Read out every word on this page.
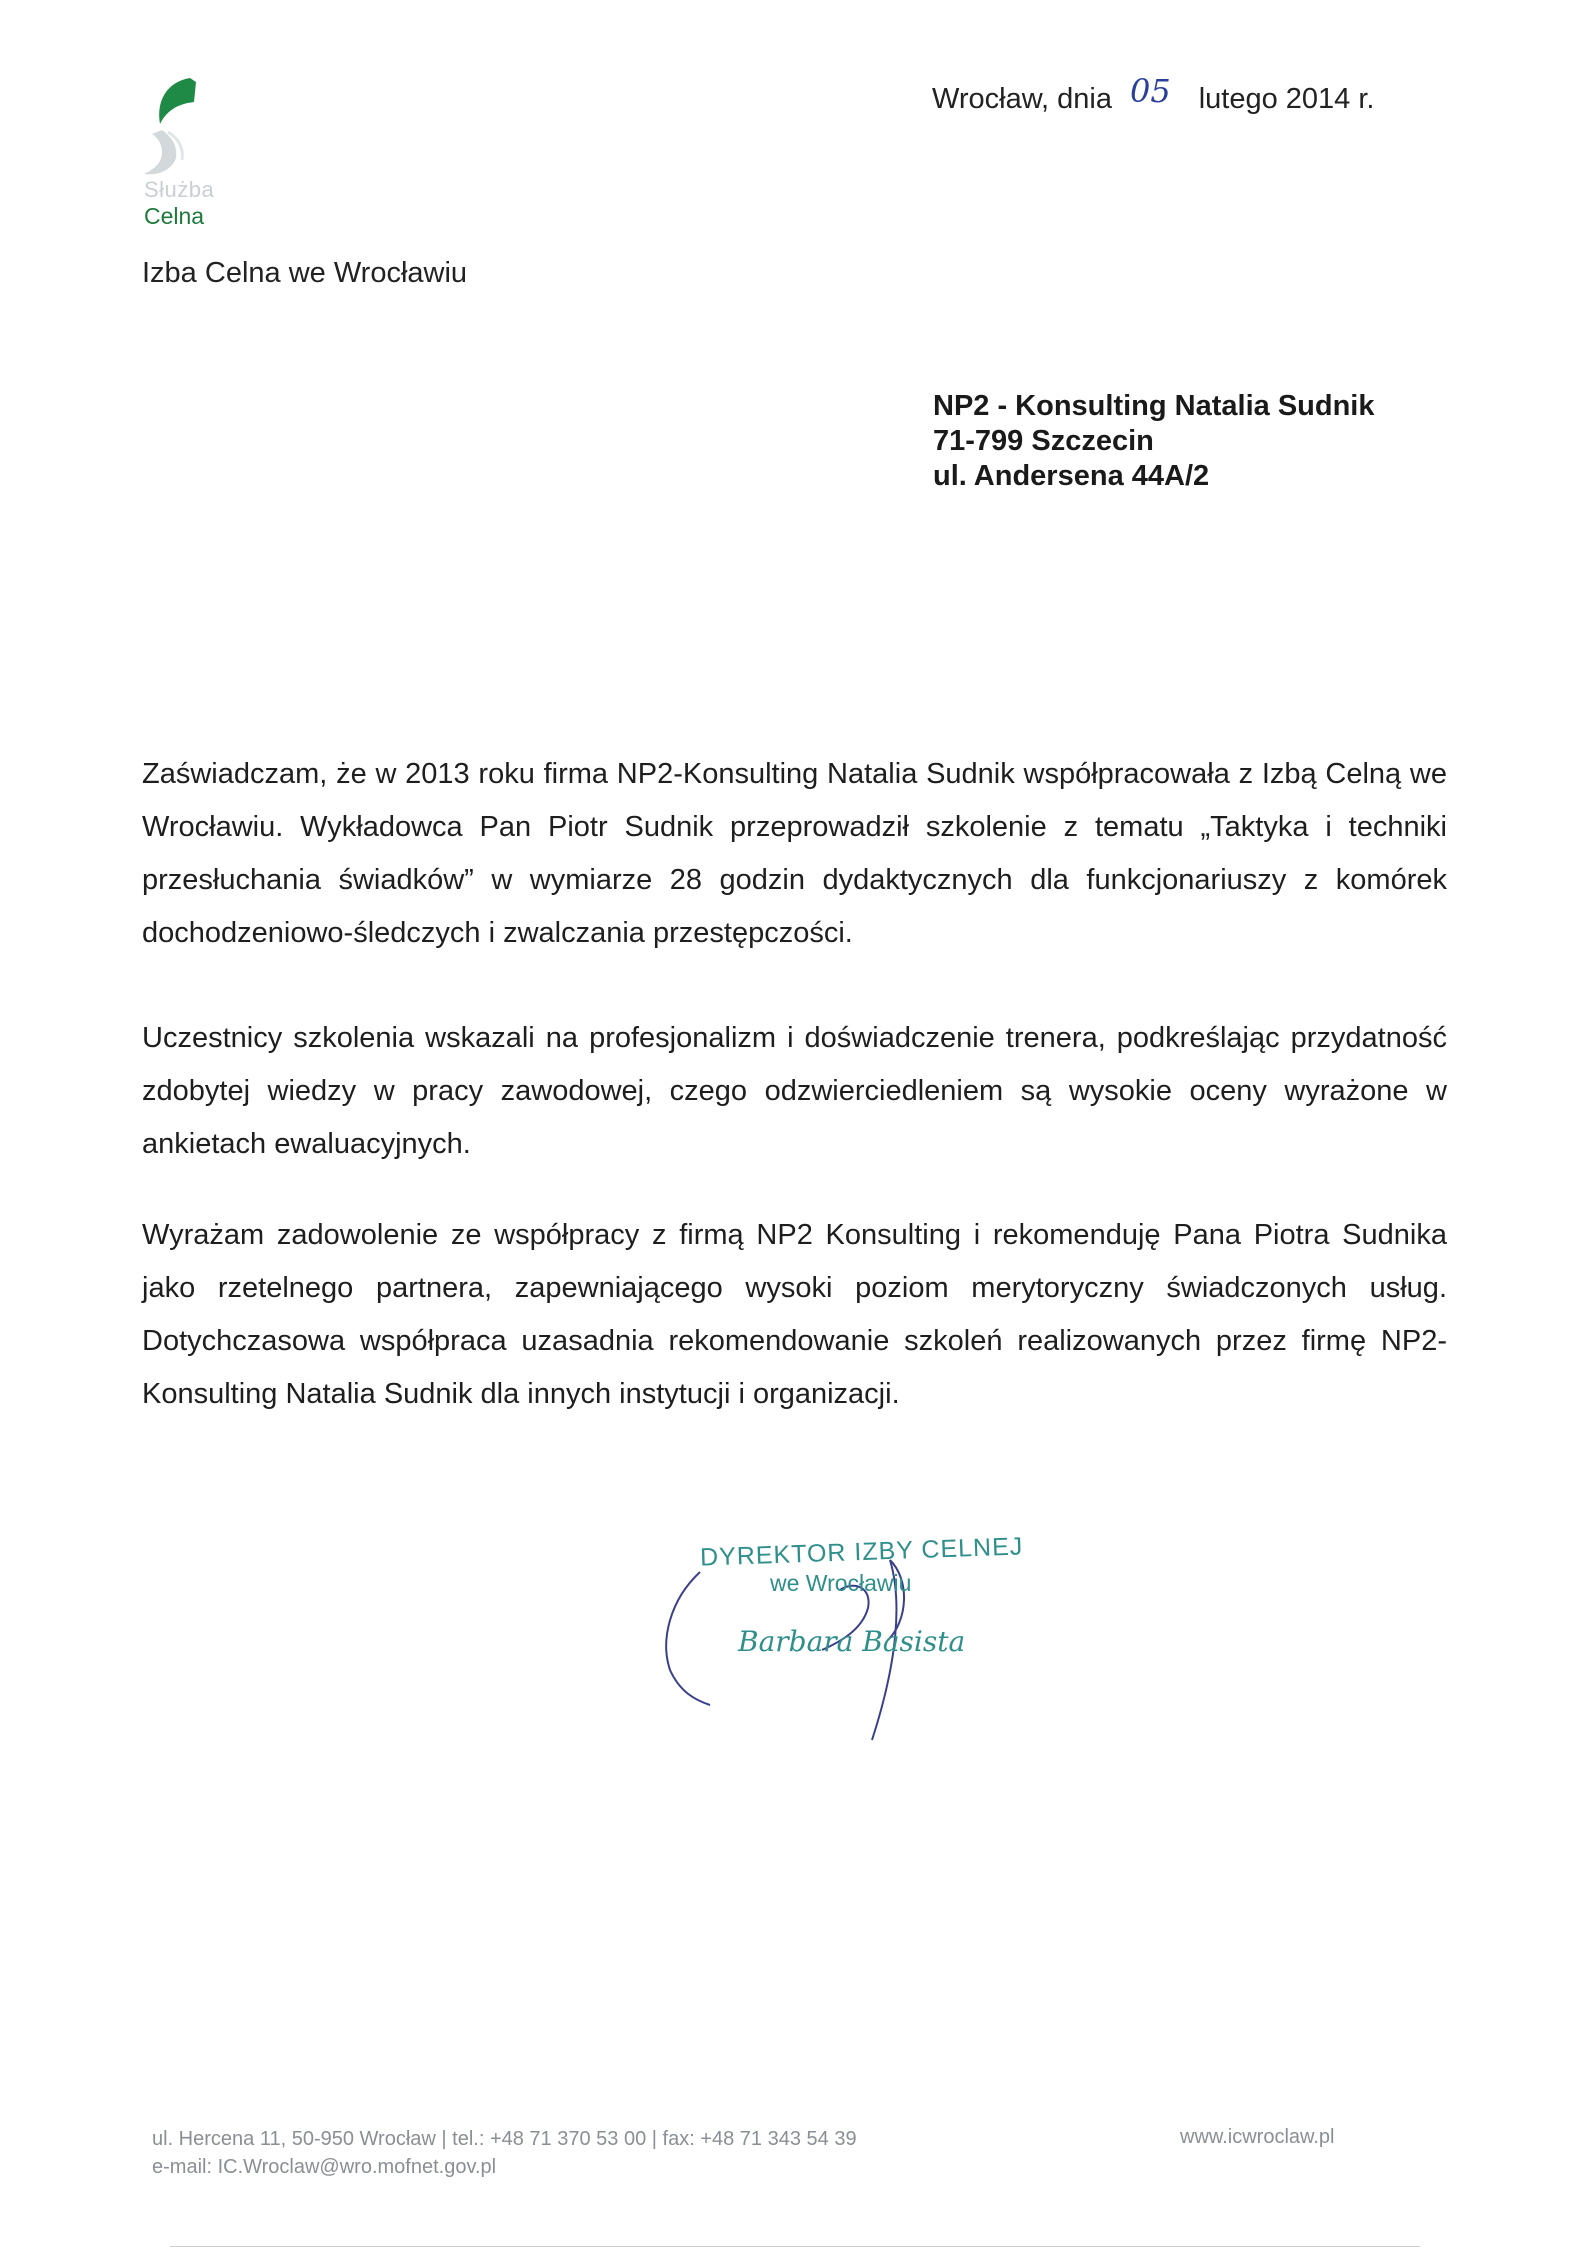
Służba
Celna
Izba Celna we Wrocławiu
Wrocław, dnia 05 lutego 2014 r.
NP2 - Konsulting Natalia Sudnik
71-799 Szczecin
ul. Andersena 44A/2
Zaświadczam, że w 2013 roku firma NP2-Konsulting Natalia Sudnik współpracowała z Izbą Celną we Wrocławiu. Wykładowca Pan Piotr Sudnik przeprowadził szkolenie z tematu „Taktyka i techniki przesłuchania świadków” w wymiarze 28 godzin dydaktycznych dla funkcjonariuszy z komórek dochodzeniowo-śledczych i zwalczania przestępczości.
Uczestnicy szkolenia wskazali na profesjonalizm i doświadczenie trenera, podkreślając przydatność zdobytej wiedzy w pracy zawodowej, czego odzwierciedleniem są wysokie oceny wyrażone w ankietach ewaluacyjnych.
Wyrażam zadowolenie ze współpracy z firmą NP2 Konsulting i rekomenduję Pana Piotra Sudnika jako rzetelnego partnera, zapewniającego wysoki poziom merytoryczny świadczonych usług. Dotychczasowa współpraca uzasadnia rekomendowanie szkoleń realizowanych przez firmę NP2-Konsulting Natalia Sudnik dla innych instytucji i organizacji.
DYREKTOR IZBY CELNEJ
we Wrocławiu
Barbara Basista
ul. Hercena 11, 50-950 Wrocław | tel.: +48 71 370 53 00 | fax: +48 71 343 54 39
e-mail: IC.Wroclaw@wro.mofnet.gov.pl
www.icwroclaw.pl
